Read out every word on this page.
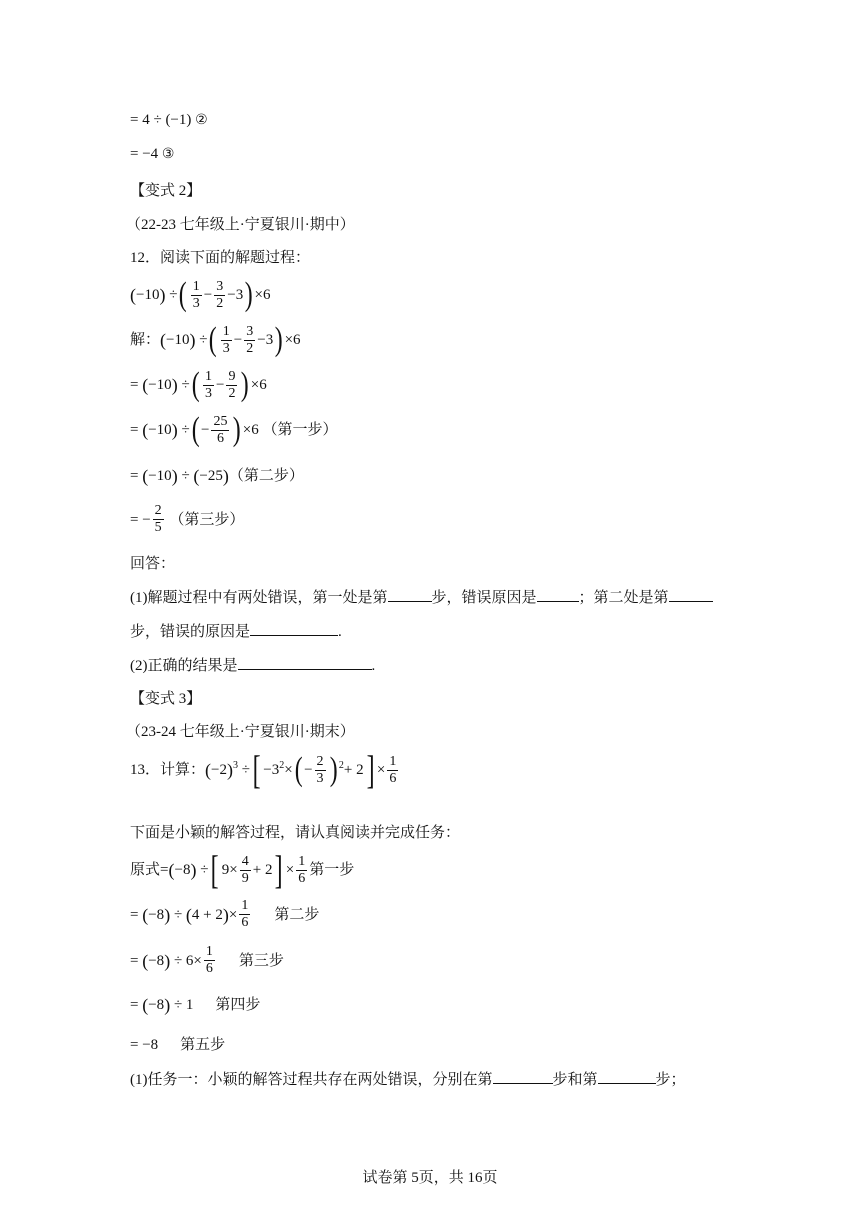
= 4 ÷ (−1) ②
= −4 ③
【变式 2】
（22-23 七年级上·宁夏银川·期中）
12．阅读下面的解题过程：
( −10 ) ÷ ( $\frac{1}{3} - \frac{3}{2} -3$ ) ×6
解： ( −10 ) ÷ ( $\frac{1}{3} - \frac{3}{2} -3$ ) ×6
= ( −10 ) ÷ ( $\frac{1}{3} - \frac{9}{2}$ ) ×6
= ( −10 ) ÷ ( − $\frac{25}{6}$ ) ×6 （第一步）
= ( −10 ) ÷ ( −25 ) （第二步）
= − $\frac{2}{5}$
（第三步）
回答：
(1)解题过程中有两处错误，第一处是第	步，错误原因是	；第二处是第
步，错误的原因是	.
(2)正确的结果是	.
【变式 3】
（23-24 七年级上·宁夏银川·期末）
13．计算： ( −2 ) 3 ÷ [ −3 2 × ( − $\frac{2}{3}$ ) 2 + 2 ] × $\frac{1}{6}$
下面是小颖的解答过程，请认真阅读并完成任务：
原式 = ( −8 ) ÷ [ $9\times \frac{4}{9} + 2$ ] × $\frac{1}{6}$ 第一步
= ( −8 ) ÷ ( 4 + 2 ) × $\frac{1}{6}$ 第二步
= ( −8 ) ÷ $6\times \frac{1}{6}$ 第三步
= ( −8 ) ÷ 1 第四步
= −8 第五步
(1)任务一：小颖的解答过程共存在两处错误，分别在第	步和第	步；
试卷第 5页，共 16页
